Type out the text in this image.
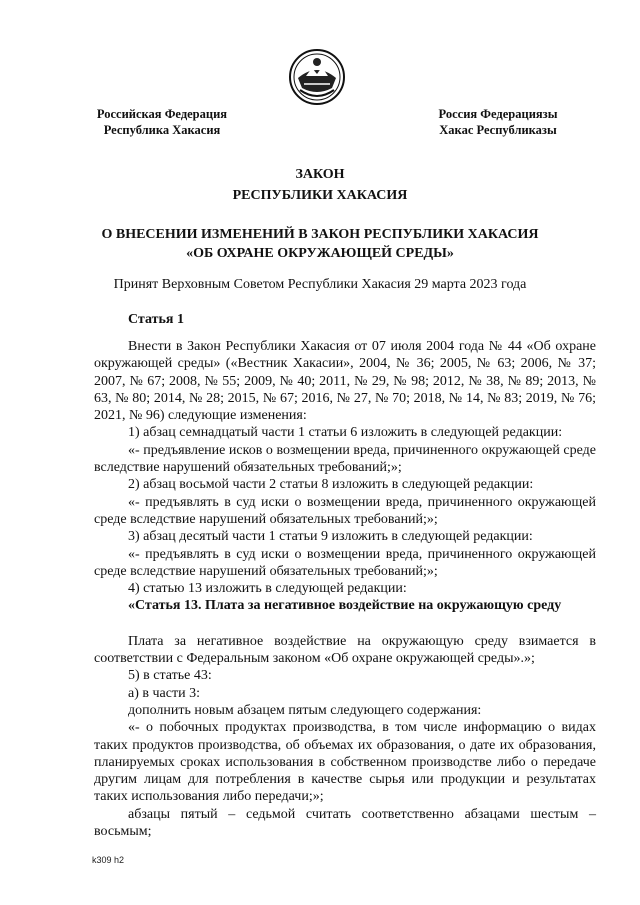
Российская Федерация
Республика Хакасия
Россия Федерациязы
Хакас Республиказы
ЗАКОН
РЕСПУБЛИКИ ХАКАСИЯ
О ВНЕСЕНИИ ИЗМЕНЕНИЙ В ЗАКОН РЕСПУБЛИКИ ХАКАСИЯ
«ОБ ОХРАНЕ ОКРУЖАЮЩЕЙ СРЕДЫ»
Принят Верховным Советом Республики Хакасия 29 марта 2023 года
Статья 1

Внести в Закон Республики Хакасия от 07 июля 2004 года № 44 «Об охране окружающей среды» («Вестник Хакасии», 2004, № 36; 2005, № 63; 2006, № 37; 2007, № 67; 2008, № 55; 2009, № 40; 2011, № 29, № 98; 2012, № 38, № 89; 2013, № 63, № 80; 2014, № 28; 2015, № 67; 2016, № 27, № 70; 2018, № 14, № 83; 2019, № 76; 2021, № 96) следующие изменения:

1) абзац семнадцатый части 1 статьи 6 изложить в следующей редакции:

«- предъявление исков о возмещении вреда, причиненного окружающей среде вследствие нарушений обязательных требований;»;

2) абзац восьмой части 2 статьи 8 изложить в следующей редакции:

«- предъявлять в суд иски о возмещении вреда, причиненного окружающей среде вследствие нарушений обязательных требований;»;

3) абзац десятый части 1 статьи 9 изложить в следующей редакции:

«- предъявлять в суд иски о возмещении вреда, причиненного окружающей среде вследствие нарушений обязательных требований;»;

4) статью 13 изложить в следующей редакции:

«Статья 13. Плата за негативное воздействие на окружающую среду

Плата за негативное воздействие на окружающую среду взимается в соответствии с Федеральным законом «Об охране окружающей среды».»;

5) в статье 43:

а) в части 3:

дополнить новым абзацем пятым следующего содержания:

«- о побочных продуктах производства, в том числе информацию о видах таких продуктов производства, об объемах их образования, о дате их образования, планируемых сроках использования в собственном производстве либо о передаче другим лицам для потребления в качестве сырья или продукции и результатах таких использования либо передачи;»;

абзацы пятый – седьмой считать соответственно абзацами шестым – восьмым;

k309 h2
